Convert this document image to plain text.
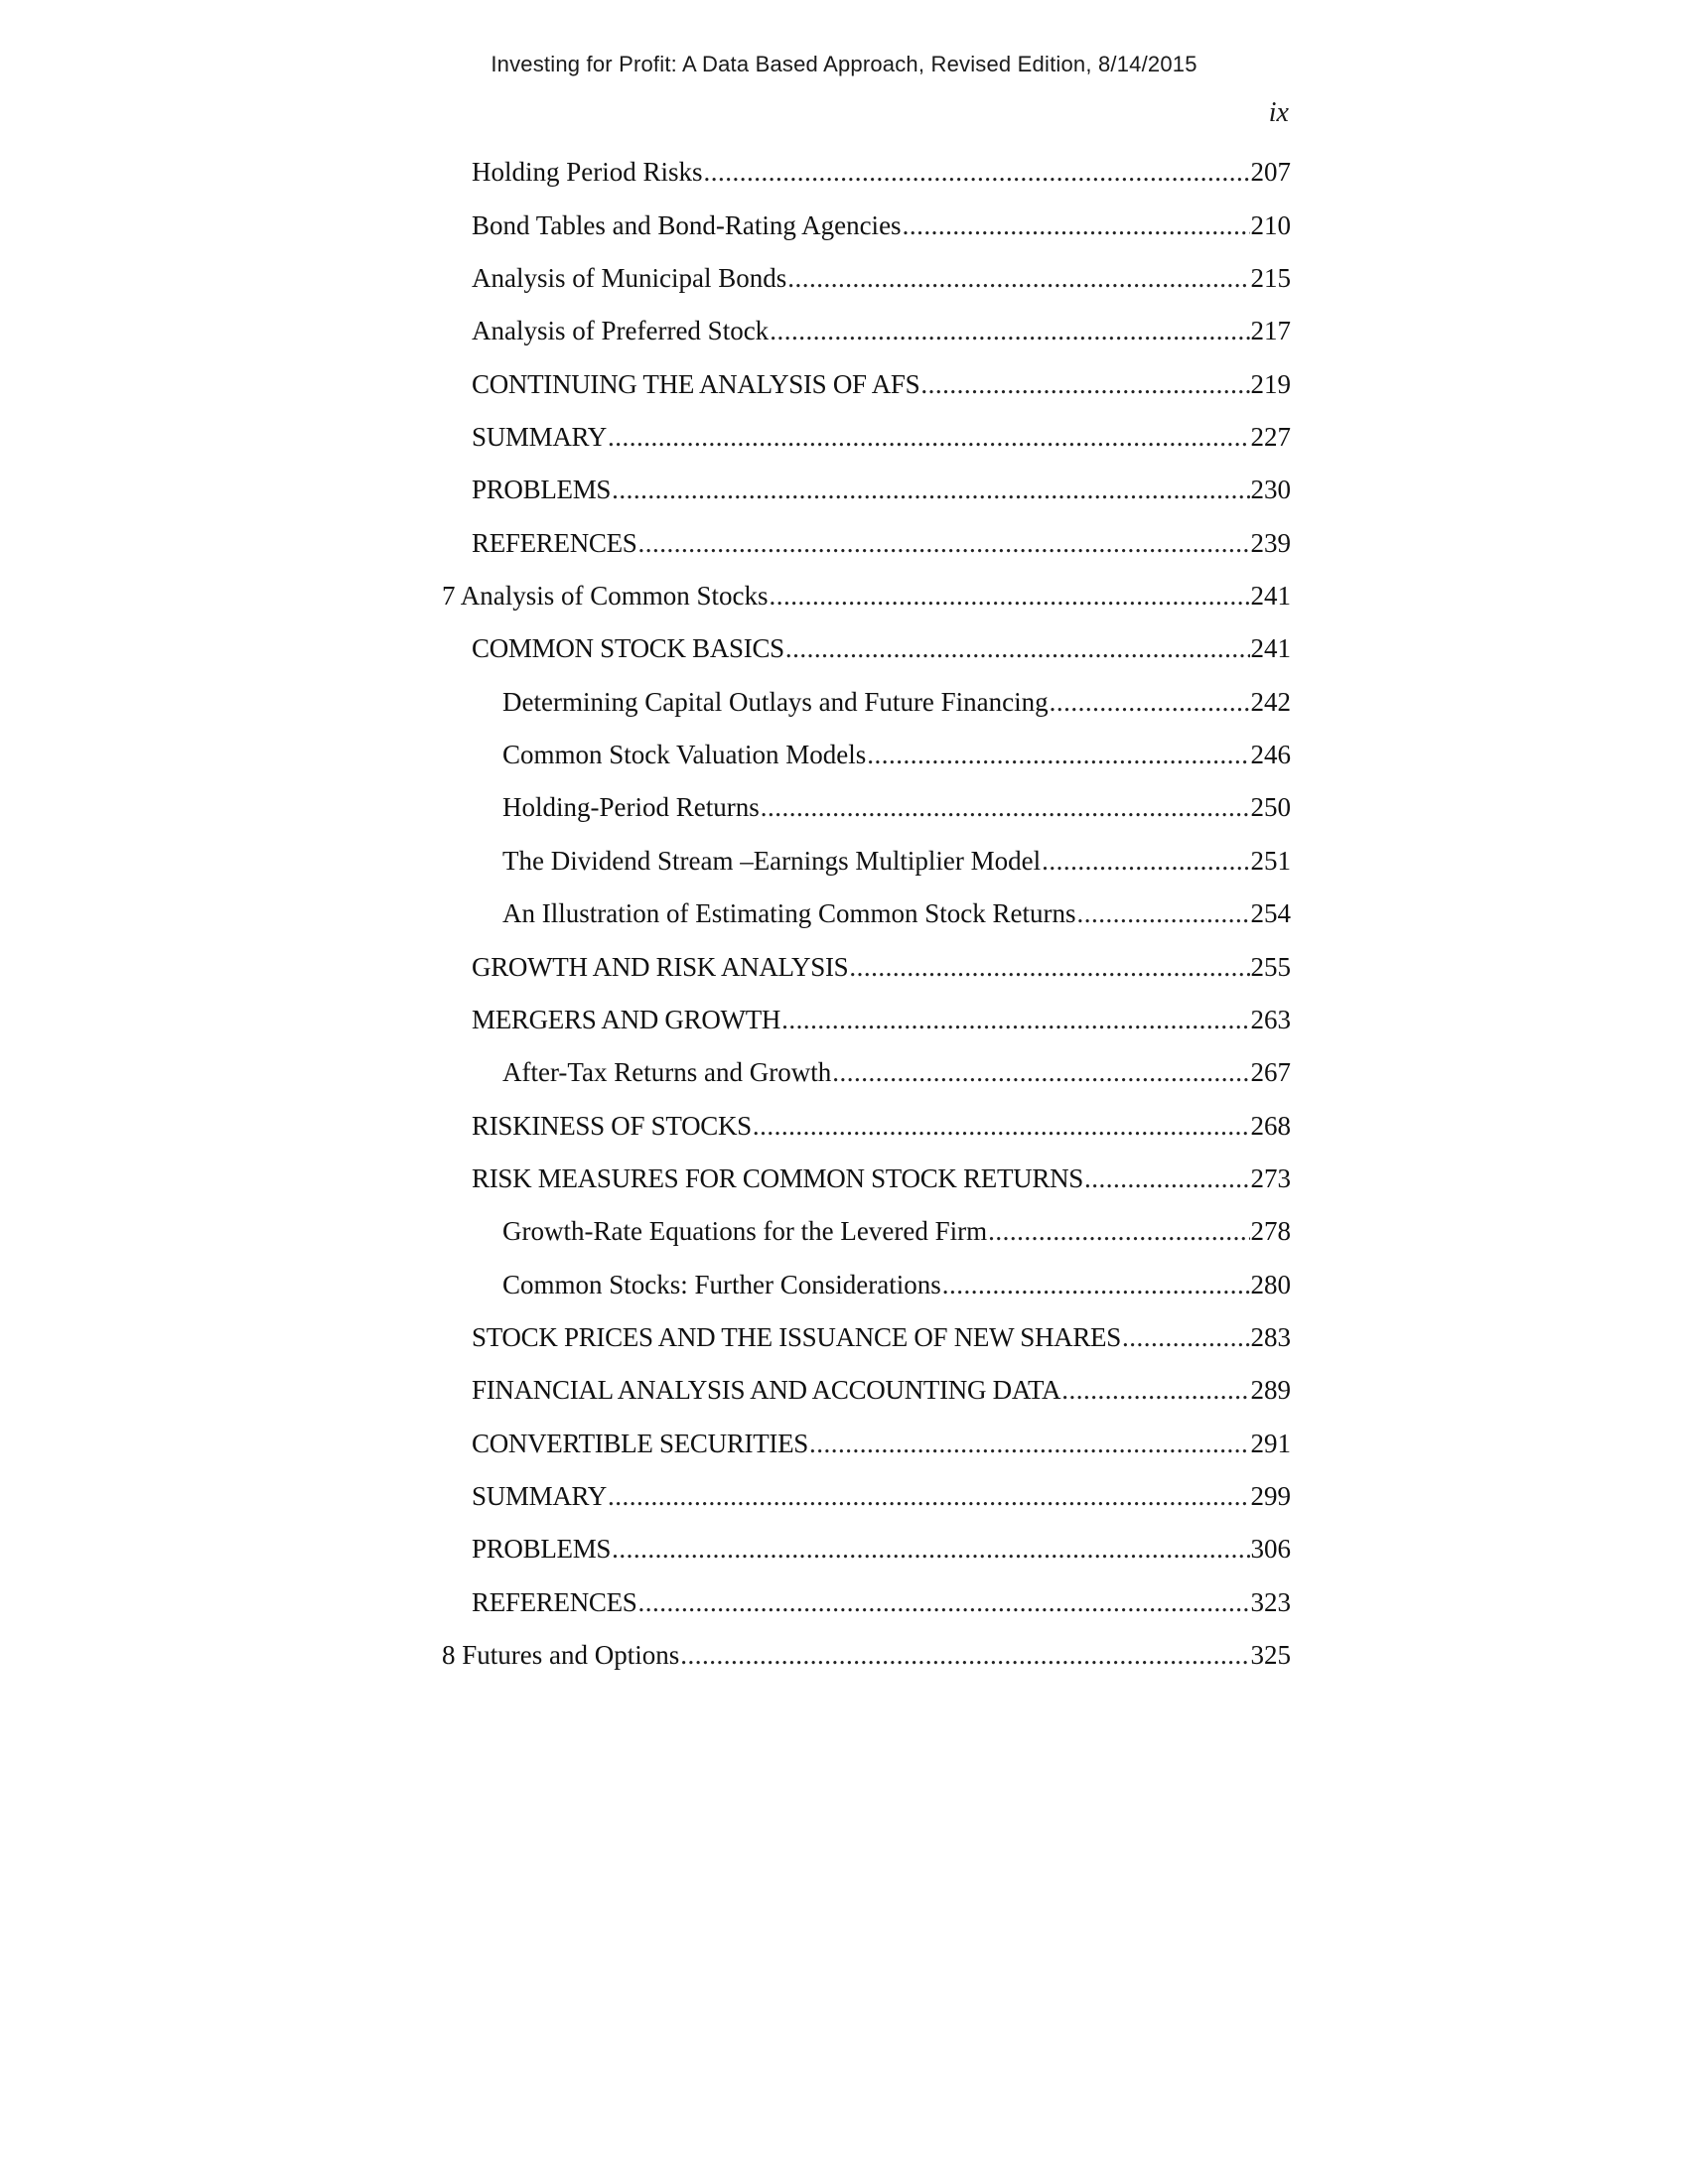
Investing for Profit: A Data Based Approach, Revised Edition, 8/14/2015
ix
Holding Period Risks .....	207
Bond Tables and Bond-Rating Agencies .....	210
Analysis of Municipal Bonds .....	215
Analysis of Preferred Stock .....	217
CONTINUING THE ANALYSIS OF AFS .....	219
SUMMARY .....	227
PROBLEMS .....	230
REFERENCES .....	239
7 Analysis of Common Stocks .....	241
COMMON STOCK BASICS .....	241
Determining Capital Outlays and Future Financing .....	242
Common Stock Valuation Models .....	246
Holding-Period Returns .....	250
The Dividend Stream –Earnings Multiplier Model .....	251
An Illustration of Estimating Common Stock Returns .....	254
GROWTH AND RISK ANALYSIS .....	255
MERGERS AND GROWTH .....	263
After-Tax Returns and Growth .....	267
RISKINESS OF STOCKS .....	268
RISK MEASURES FOR COMMON STOCK RETURNS .....	273
Growth-Rate Equations for the Levered Firm .....	278
Common Stocks: Further Considerations .....	280
STOCK PRICES AND THE ISSUANCE OF NEW SHARES .....	283
FINANCIAL ANALYSIS AND ACCOUNTING DATA .....	289
CONVERTIBLE SECURITIES .....	291
SUMMARY .....	299
PROBLEMS .....	306
REFERENCES .....	323
8 Futures and Options .....	325
